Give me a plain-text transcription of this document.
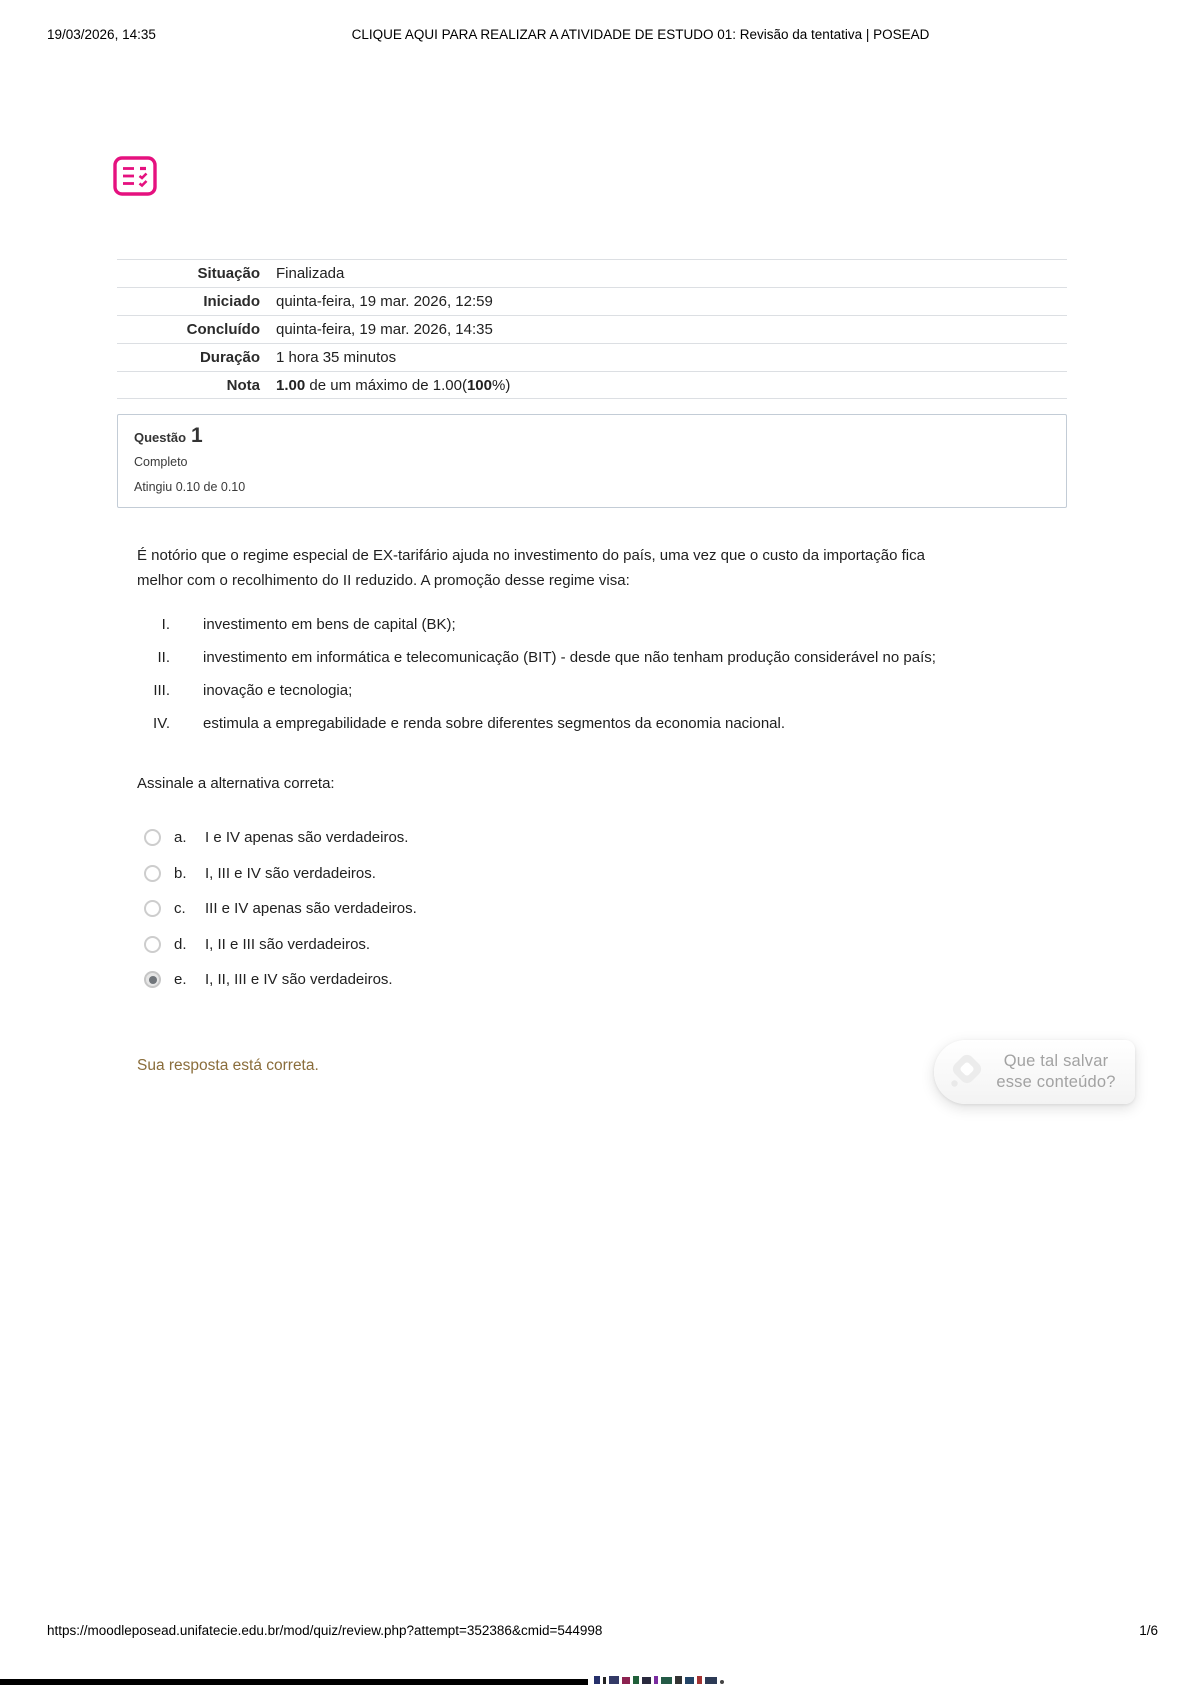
19/03/2026, 14:35	CLIQUE AQUI PARA REALIZAR A ATIVIDADE DE ESTUDO 01: Revisão da tentativa | POSEAD
Situação	Finalizada
Iniciado	quinta-feira, 19 mar. 2026, 12:59
Concluído	quinta-feira, 19 mar. 2026, 14:35
Duração	1 hora 35 minutos
Nota	1.00 de um máximo de 1.00(100%)
Questão 1
Completo
Atingiu 0.10 de 0.10
É notório que o regime especial de EX-tarifário ajuda no investimento do país, uma vez que o custo da importação fica melhor com o recolhimento do II reduzido. A promoção desse regime visa:
I. investimento em bens de capital (BK);
II. investimento em informática e telecomunicação (BIT) - desde que não tenham produção considerável no país;
III. inovação e tecnologia;
IV. estimula a empregabilidade e renda sobre diferentes segmentos da economia nacional.
Assinale a alternativa correta:
a.	I e IV apenas são verdadeiros.
b.	I, III e IV são verdadeiros.
c.	III e IV apenas são verdadeiros.
d.	I, II e III são verdadeiros.
e.	I, II, III e IV são verdadeiros.
Sua resposta está correta.	Que tal salvar
esse conteúdo?
https://moodleposead.unifatecie.edu.br/mod/quiz/review.php?attempt=352386&cmid=544998	1/6
